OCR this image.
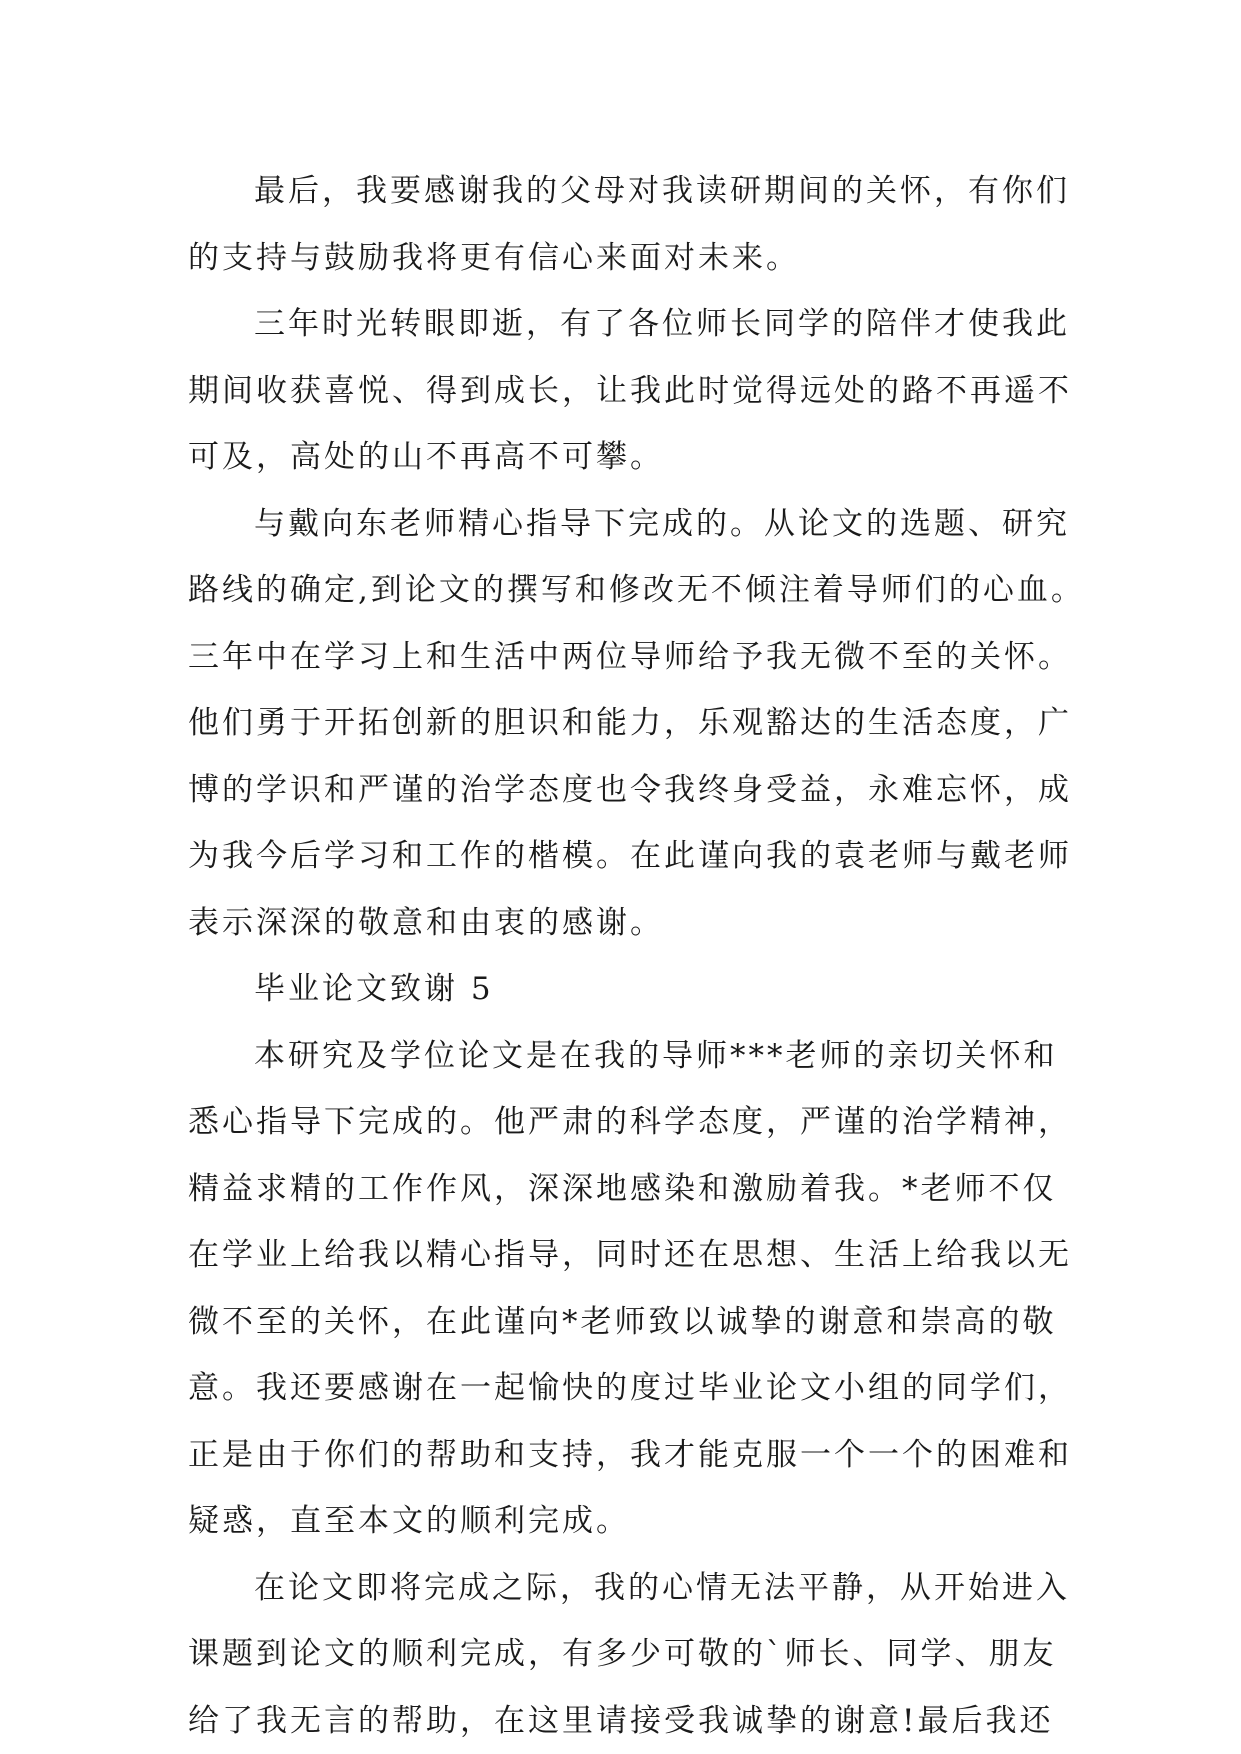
最后，我要感谢我的父母对我读研期间的关怀，有你们
的支持与鼓励我将更有信心来面对未来。
三年时光转眼即逝，有了各位师长同学的陪伴才使我此
期间收获喜悦、得到成长，让我此时觉得远处的路不再遥不
可及，高处的山不再高不可攀。
与戴向东老师精心指导下完成的。从论文的选题、研究
路线的确定,到论文的撰写和修改无不倾注着导师们的心血。
三年中在学习上和生活中两位导师给予我无微不至的关怀。
他们勇于开拓创新的胆识和能力，乐观豁达的生活态度，广
博的学识和严谨的治学态度也令我终身受益，永难忘怀，成
为我今后学习和工作的楷模。在此谨向我的袁老师与戴老师
表示深深的敬意和由衷的感谢。
毕业论文致谢 5
本研究及学位论文是在我的导师***老师的亲切关怀和
悉心指导下完成的。他严肃的科学态度，严谨的治学精神，
精益求精的工作作风，深深地感染和激励着我。*老师不仅
在学业上给我以精心指导，同时还在思想、生活上给我以无
微不至的关怀，在此谨向*老师致以诚挚的谢意和崇高的敬
意。我还要感谢在一起愉快的度过毕业论文小组的同学们，
正是由于你们的帮助和支持，我才能克服一个一个的困难和
疑惑，直至本文的顺利完成。
在论文即将完成之际，我的心情无法平静，从开始进入
课题到论文的顺利完成，有多少可敬的`师长、同学、朋友
给了我无言的帮助，在这里请接受我诚挚的谢意!最后我还
